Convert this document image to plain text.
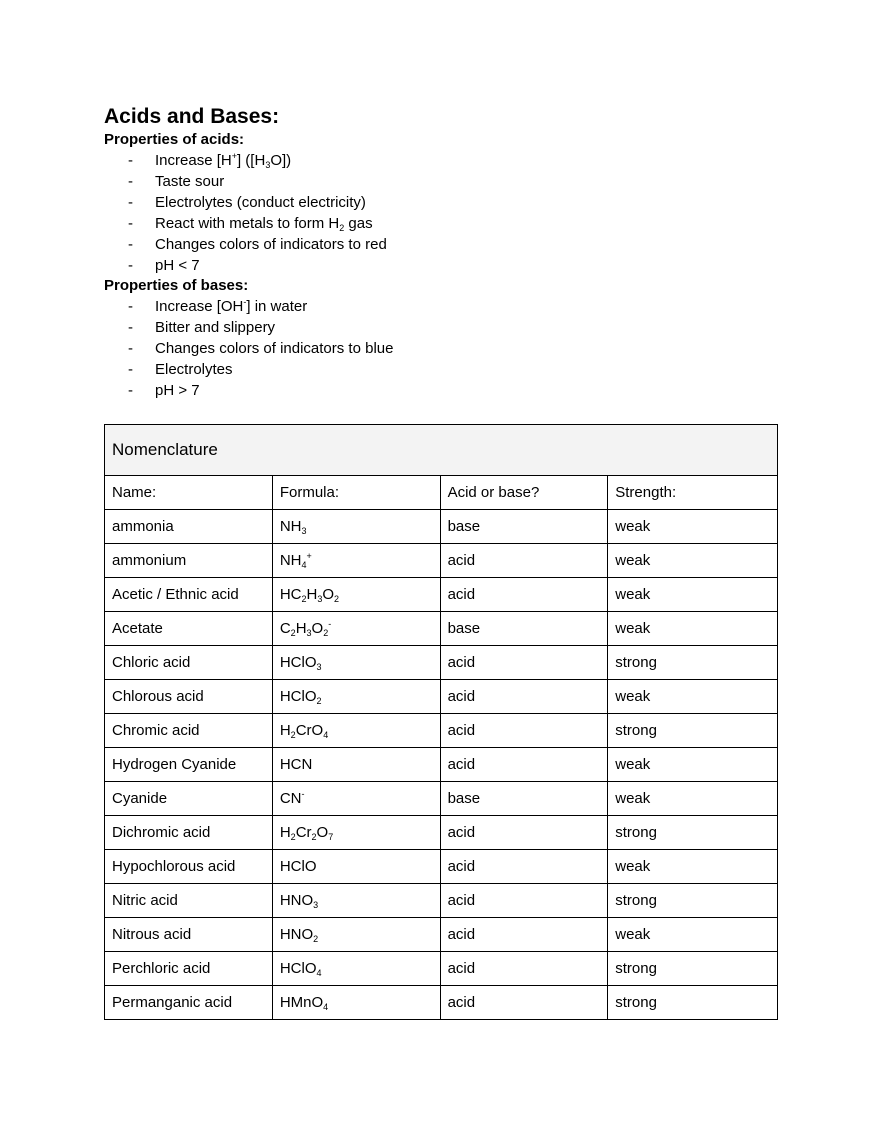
Acids and Bases:
Properties of acids:
- Increase [H+] $([H_3O])$
- Taste sour
- Electrolytes (conduct electricity)
- React with metals to form $H_2$ gas
- Changes colors of indicators to red
- pH < 7
Properties of bases:
- Increase [OH-] in water
- Bitter and slippery
- Changes colors of indicators to blue
- Electrolytes
- pH > 7
Nomenclature			
Name:	Formula:	Acid or base?	Strength:
ammonia	$NH_3$	base	weak
ammonium	$NH_4^+$	acid	weak
Acetic / Ethnic acid	$HC_2H_3O_2$	acid	weak
Acetate	$C_2H_3O_2^-$	base	weak
Chloric acid	HClO$_3$	acid	strong
Chlorous acid	HClO$_2$	acid	weak
Chromic acid	$H_2CrO_4$	acid	strong
Hydrogen Cyanide	HCN	acid	weak
Cyanide	CN-	base	weak
Dichromic acid	$H_2Cr_2O_7$	acid	strong
Hypochlorous acid	HClO	acid	weak
Nitric acid	$HNO_3$	acid	strong
Nitrous acid	$HNO_2$	acid	weak
Perchloric acid	HClO$_4$	acid	strong
Permanganic acid	HMnO$_4$	acid	strong
